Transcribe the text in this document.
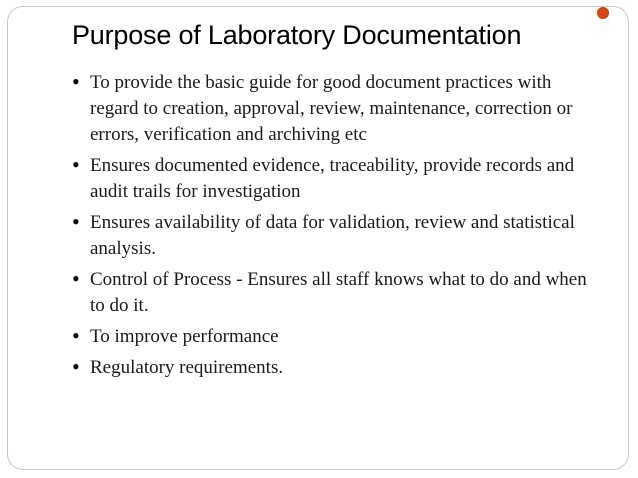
Purpose of Laboratory Documentation
• To provide the basic guide for good document practices with regard to creation, approval, review, maintenance, correction or errors, verification and archiving etc
• Ensures documented evidence, traceability, provide records and audit trails for investigation
• Ensures availability of data for validation, review and statistical analysis.
• Control of Process - Ensures all staff knows what to do and when to do it.
• To improve performance
• Regulatory requirements.
